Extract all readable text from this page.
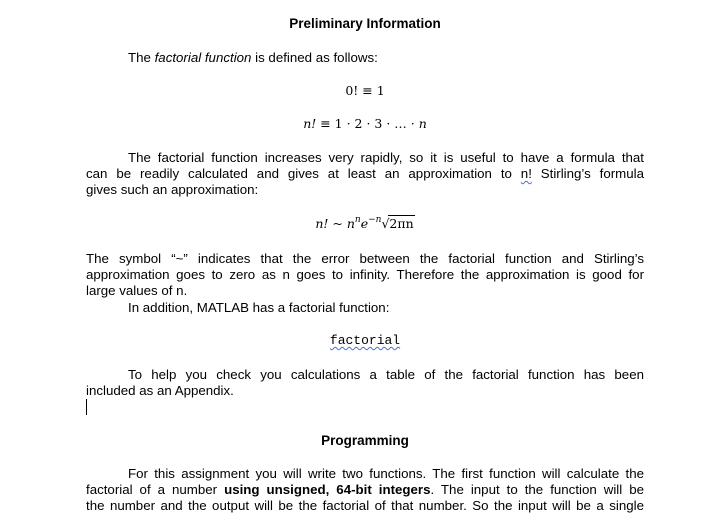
Preliminary Information
The factorial function is defined as follows:
0! ≡ 1
n! ≡ 1 · 2 · 3 · … · n
The factorial function increases very rapidly, so it is useful to have a formula that
can be readily calculated and gives at least an approximation to n! Stirling’s formula
gives such an approximation:
n! ~ $n^ne^{-n}√2\pi n$
The symbol “~” indicates that the error between the factorial function and Stirling’s
approximation goes to zero as n goes to infinity. Therefore the approximation is good for
large values of n.
In addition, MATLAB has a factorial function:
factorial
To help you check you calculations a table of the factorial function has been
included as an Appendix.
Programming
For this assignment you will write two functions. The first function will calculate the
factorial of a number using unsigned, 64-bit integers. The input to the function will be
the number and the output will be the factorial of that number. So the input will be a single
